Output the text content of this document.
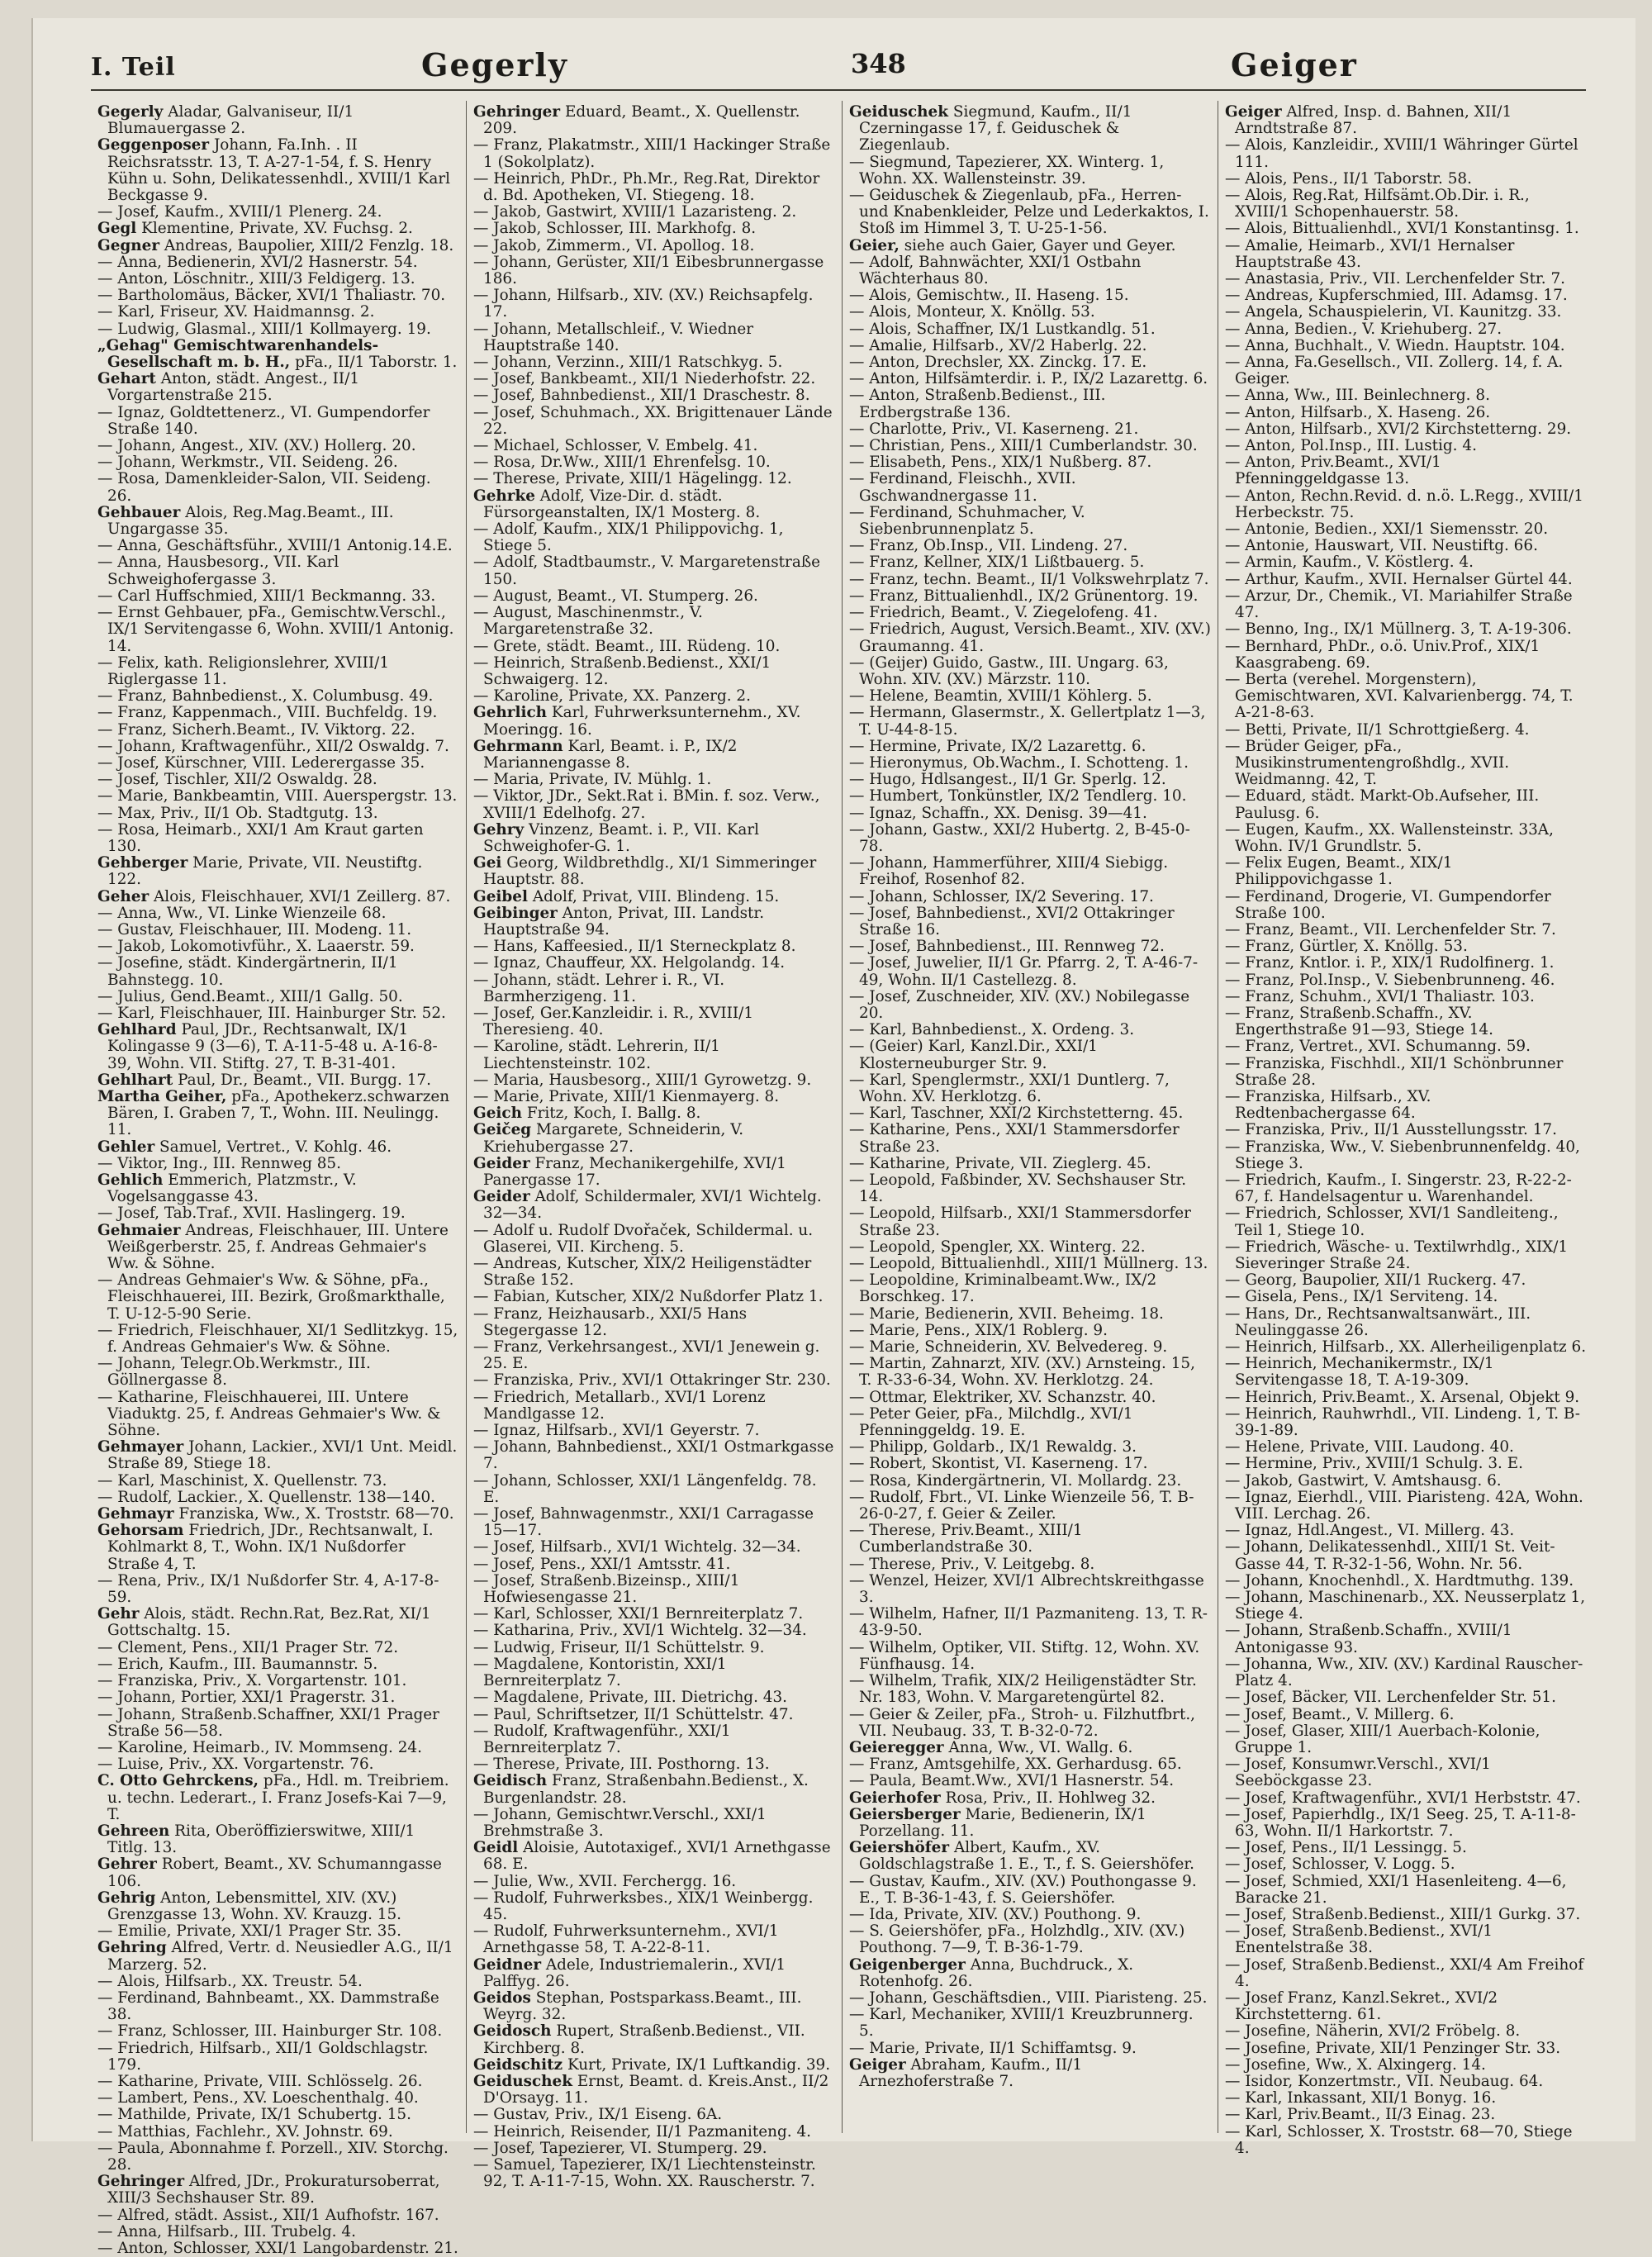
I. Teil	Gegerly	348	Geiger

Gegerly Aladar, Galvaniseur, II/1 Blumauergasse 2.

Geggenposer Johann, Fa.Inh. . II Reichsratsstr. 13, T. A-27-1-54, f. S. Henry Kühn u. Sohn, Delikatessenhdl., XVIII/1 Karl Beckgasse 9.

— Josef, Kaufm., XVIII/1 Plenerg. 24.

Gegl Klementine, Private, XV. Fuchsg. 2.

Gegner Andreas, Baupolier, XIII/2 Fenzlg. 18.

— Anna, Bedienerin, XVI/2 Hasnerstr. 54.

— Anton, Löschnitr., XIII/3 Feldigerg. 13.

— Bartholomäus, Bäcker, XVI/1 Thaliastr. 70.

— Karl, Friseur, XV. Haidmannsg. 2.

— Ludwig, Glasmal., XIII/1 Kollmayerg. 19.

„Gehag" Gemischtwarenhandels-Gesellschaft m. b. H., pFa., II/1 Taborstr. 1.

Gehart Anton, städt. Angest., II/1 Vorgartenstraße 215.

— Ignaz, Goldtettenerz., VI. Gumpendorfer Straße 140.

— Johann, Angest., XIV. (XV.) Hollerg. 20.

— Johann, Werkmstr., VII. Seideng. 26.

— Rosa, Damenkleider-Salon, VII. Seideng. 26.

Gehbauer Alois, Reg.Mag.Beamt., III. Ungargasse 35.

— Anna, Geschäftsführ., XVIII/1 Antonig.14.E.

— Anna, Hausbesorg., VII. Karl Schweighofergasse 3.

— Carl Huffschmied, XIII/1 Beckmanng. 33.

— Ernst Gehbauer, pFa., Gemischtw.Verschl., IX/1 Servitengasse 6, Wohn. XVIII/1 Antonig. 14.

— Felix, kath. Religionslehrer, XVIII/1 Riglergasse 11.

— Franz, Bahnbedienst., X. Columbusg. 49.

— Franz, Kappenmach., VIII. Buchfeldg. 19.

— Franz, Sicherh.Beamt., IV. Viktorg. 22.

— Johann, Kraftwagenführ., XII/2 Oswaldg. 7.

— Josef, Kürschner, VIII. Lederergasse 35.

— Josef, Tischler, XII/2 Oswaldg. 28.

— Marie, Bankbeamtin, VIII. Auerspergstr. 13.

— Max, Priv., II/1 Ob. Stadtgutg. 13.

— Rosa, Heimarb., XXI/1 Am Kraut garten 130.

Gehberger Marie, Private, VII. Neustiftg. 122.

Geher Alois, Fleischhauer, XVI/1 Zeillerg. 87.

— Anna, Ww., VI. Linke Wienzeile 68.

— Gustav, Fleischhauer, III. Modeng. 11.

— Jakob, Lokomotivführ., X. Laaerstr. 59.

— Josefine, städt. Kindergärtnerin, II/1 Bahnstegg. 10.

— Julius, Gend.Beamt., XIII/1 Gallg. 50.

— Karl, Fleischhauer, III. Hainburger Str. 52.

Gehlhard Paul, JDr., Rechtsanwalt, IX/1 Kolingasse 9 (3—6), T. A-11-5-48 u. A-16-8-39, Wohn. VII. Stiftg. 27, T. B-31-401.

Gehlhart Paul, Dr., Beamt., VII. Burgg. 17.

Martha Geiher, pFa., Apothekerz.schwarzen Bären, I. Graben 7, T., Wohn. III. Neulingg. 11.

Gehler Samuel, Vertret., V. Kohlg. 46.

— Viktor, Ing., III. Rennweg 85.

Gehlich Emmerich, Platzmstr., V. Vogelsanggasse 43.

— Josef, Tab.Traf., XVII. Haslingerg. 19.

Gehmaier Andreas, Fleischhauer, III. Untere Weißgerberstr. 25, f. Andreas Gehmaier's Ww. & Söhne.

— Andreas Gehmaier's Ww. & Söhne, pFa., Fleischhauerei, III. Bezirk, Großmarkthalle, T. U-12-5-90 Serie.

— Friedrich, Fleischhauer, XI/1 Sedlitzkyg. 15, f. Andreas Gehmaier's Ww. & Söhne.

— Johann, Telegr.Ob.Werkmstr., III. Göllnergasse 8.

— Katharine, Fleischhauerei, III. Untere Viaduktg. 25, f. Andreas Gehmaier's Ww. & Söhne.

Gehmayer Johann, Lackier., XVI/1 Unt. Meidl. Straße 89, Stiege 18.

— Karl, Maschinist, X. Quellenstr. 73.

— Rudolf, Lackier., X. Quellenstr. 138—140.

Gehmayr Franziska, Ww., X. Troststr. 68—70.

Gehorsam Friedrich, JDr., Rechtsanwalt, I. Kohlmarkt 8, T., Wohn. IX/1 Nußdorfer Straße 4, T.

— Rena, Priv., IX/1 Nußdorfer Str. 4, A-17-8-59.

Gehr Alois, städt. Rechn.Rat, Bez.Rat, XI/1 Gottschaltg. 15.

— Clement, Pens., XII/1 Prager Str. 72.

— Erich, Kaufm., III. Baumannstr. 5.

— Franziska, Priv., X. Vorgartenstr. 101.

— Johann, Portier, XXI/1 Pragerstr. 31.

— Johann, Straßenb.Schaffner, XXI/1 Prager Straße 56—58.

— Karoline, Heimarb., IV. Mommseng. 24.

— Luise, Priv., XX. Vorgartenstr. 76.

C. Otto Gehrckens, pFa., Hdl. m. Treibriem. u. techn. Lederart., I. Franz Josefs-Kai 7—9, T.

Gehreen Rita, Oberöffizierswitwe, XIII/1 Titlg. 13.

Gehrer Robert, Beamt., XV. Schumanngasse 106.

Gehrig Anton, Lebensmittel, XIV. (XV.) Grenzgasse 13, Wohn. XV. Krauzg. 15.

— Emilie, Private, XXI/1 Prager Str. 35.

Gehring Alfred, Vertr. d. Neusiedler A.G., II/1 Marzerg. 52.

— Alois, Hilfsarb., XX. Treustr. 54.

— Ferdinand, Bahnbeamt., XX. Dammstraße 38.

— Franz, Schlosser, III. Hainburger Str. 108.

— Friedrich, Hilfsarb., XII/1 Goldschlagstr. 179.

— Katharine, Private, VIII. Schlösselg. 26.

— Lambert, Pens., XV. Loeschenthalg. 40.

— Mathilde, Private, IX/1 Schubertg. 15.

— Matthias, Fachlehr., XV. Johnstr. 69.

— Paula, Abonnahme f. Porzell., XIV. Storchg. 28.

Gehringer Alfred, JDr., Prokuratursoberrat, XIII/3 Sechshauser Str. 89.

— Alfred, städt. Assist., XII/1 Aufhofstr. 167.

— Anna, Hilfsarb., III. Trubelg. 4.

— Anton, Schlosser, XXI/1 Langobardenstr. 21.

Gehringer Eduard, Beamt., X. Quellenstr. 209.

— Franz, Plakatmstr., XIII/1 Hackinger Straße 1 (Sokolplatz).

— Heinrich, PhDr., Ph.Mr., Reg.Rat, Direktor d. Bd. Apotheken, VI. Stiegeng. 18.

— Jakob, Gastwirt, XVIII/1 Lazaristeng. 2.

— Jakob, Schlosser, III. Markhofg. 8.

— Jakob, Zimmerm., VI. Apollog. 18.

— Johann, Gerüster, XII/1 Eibesbrunnergasse 186.

— Johann, Hilfsarb., XIV. (XV.) Reichsapfelg. 17.

— Johann, Metallschleif., V. Wiedner Hauptstraße 140.

— Johann, Verzinn., XIII/1 Ratschkyg. 5.

— Josef, Bankbeamt., XII/1 Niederhofstr. 22.

— Josef, Bahnbedienst., XII/1 Draschestr. 8.

— Josef, Schuhmach., XX. Brigittenauer Lände 22.

— Michael, Schlosser, V. Embelg. 41.

— Rosa, Dr.Ww., XIII/1 Ehrenfelsg. 10.

— Therese, Private, XIII/1 Hägelingg. 12.

Gehrke Adolf, Vize-Dir. d. städt. Fürsorgeanstalten, IX/1 Mosterg. 8.

— Adolf, Kaufm., XIX/1 Philippovichg. 1, Stiege 5.

— Adolf, Stadtbaumstr., V. Margaretenstraße 150.

— August, Beamt., VI. Stumperg. 26.

— August, Maschinenmstr., V. Margaretenstraße 32.

— Grete, städt. Beamt., III. Rüdeng. 10.

— Heinrich, Straßenb.Bedienst., XXI/1 Schwaigerg. 12.

— Karoline, Private, XX. Panzerg. 2.

Gehrlich Karl, Fuhrwerksunternehm., XV. Moeringg. 16.

Gehrmann Karl, Beamt. i. P., IX/2 Mariannengasse 8.

— Maria, Private, IV. Mühlg. 1.

— Viktor, JDr., Sekt.Rat i. BMin. f. soz. Verw., XVIII/1 Edelhofg. 27.

Gehry Vinzenz, Beamt. i. P., VII. Karl Schweighofer-G. 1.

Gei Georg, Wildbrethdlg., XI/1 Simmeringer Hauptstr. 88.

Geibel Adolf, Privat, VIII. Blindeng. 15.

Geibinger Anton, Privat, III. Landstr. Hauptstraße 94.

— Hans, Kaffeesied., II/1 Sterneckplatz 8.

— Ignaz, Chauffeur, XX. Helgolandg. 14.

— Johann, städt. Lehrer i. R., VI. Barmherzigeng. 11.

— Josef, Ger.Kanzleidir. i. R., XVIII/1 Theresieng. 40.

— Karoline, städt. Lehrerin, II/1 Liechtensteinstr. 102.

— Maria, Hausbesorg., XIII/1 Gyrowetzg. 9.

— Marie, Private, XIII/1 Kienmayerg. 8.

Geich Fritz, Koch, I. Ballg. 8.

Geičeg Margarete, Schneiderin, V. Kriehubergasse 27.

Geider Franz, Mechanikergehilfe, XVI/1 Panergasse 17.

Geider Adolf, Schildermaler, XVI/1 Wichtelg. 32—34.

— Adolf u. Rudolf Dvořaček, Schildermal. u. Glaserei, VII. Kircheng. 5.

— Andreas, Kutscher, XIX/2 Heiligenstädter Straße 152.

— Fabian, Kutscher, XIX/2 Nußdorfer Platz 1.

— Franz, Heizhausarb., XXI/5 Hans Stegergasse 12.

— Franz, Verkehrsangest., XVI/1 Jenewein g. 25. E.

— Franziska, Priv., XVI/1 Ottakringer Str. 230.

— Friedrich, Metallarb., XVI/1 Lorenz Mandlgasse 12.

— Ignaz, Hilfsarb., XVI/1 Geyerstr. 7.

— Johann, Bahnbedienst., XXI/1 Ostmarkgasse 7.

— Johann, Schlosser, XXI/1 Längenfeldg. 78. E.

— Josef, Bahnwagenmstr., XXI/1 Carragasse 15—17.

— Josef, Hilfsarb., XVI/1 Wichtelg. 32—34.

— Josef, Pens., XXI/1 Amtsstr. 41.

— Josef, Straßenb.Bizeinsp., XIII/1 Hofwiesengasse 21.

— Karl, Schlosser, XXI/1 Bernreiterplatz 7.

— Katharina, Priv., XVI/1 Wichtelg. 32—34.

— Ludwig, Friseur, II/1 Schüttelstr. 9.

— Magdalene, Kontoristin, XXI/1 Bernreiterplatz 7.

— Magdalene, Private, III. Dietrichg. 43.

— Paul, Schriftsetzer, II/1 Schüttelstr. 47.

— Rudolf, Kraftwagenführ., XXI/1 Bernreiterplatz 7.

— Therese, Private, III. Posthorng. 13.

Geidisch Franz, Straßenbahn.Bedienst., X. Burgenlandstr. 28.

— Johann, Gemischtwr.Verschl., XXI/1 Brehmstraße 3.

Geidl Aloisie, Autotaxigef., XVI/1 Arnethgasse 68. E.

— Julie, Ww., XVII. Ferchergg. 16.

— Rudolf, Fuhrwerksbes., XIX/1 Weinbergg. 45.

— Rudolf, Fuhrwerksunternehm., XVI/1 Arnethgasse 58, T. A-22-8-11.

Geidner Adele, Industriemalerin., XVI/1 Palffyg. 26.

Geidos Stephan, Postsparkass.Beamt., III. Weyrg. 32.

Geidosch Rupert, Straßenb.Bedienst., VII. Kirchberg. 8.

Geidschitz Kurt, Private, IX/1 Luftkandig. 39.

Geiduschek Ernst, Beamt. d. Kreis.Anst., II/2 D'Orsayg. 11.

— Gustav, Priv., IX/1 Eiseng. 6A.

— Heinrich, Reisender, II/1 Pazmaniteng. 4.

— Josef, Tapezierer, VI. Stumperg. 29.

— Samuel, Tapezierer, IX/1 Liechtensteinstr. 92, T. A-11-7-15, Wohn. XX. Rauscherstr. 7.

Geiduschek Siegmund, Kaufm., II/1 Czerningasse 17, f. Geiduschek & Ziegenlaub.

— Siegmund, Tapezierer, XX. Winterg. 1, Wohn. XX. Wallensteinstr. 39.

— Geiduschek & Ziegenlaub, pFa., Herren- und Knabenkleider, Pelze und Lederkaktos, I. Stoß im Himmel 3, T. U-25-1-56.

Geier, siehe auch Gaier, Gayer und Geyer.

— Adolf, Bahnwächter, XXI/1 Ostbahn Wächterhaus 80.

— Alois, Gemischtw., II. Haseng. 15.

— Alois, Monteur, X. Knöllg. 53.

— Alois, Schaffner, IX/1 Lustkandlg. 51.

— Amalie, Hilfsarb., XV/2 Haberlg. 22.

— Anton, Drechsler, XX. Zinckg. 17. E.

— Anton, Hilfsämterdir. i. P., IX/2 Lazarettg. 6.

— Anton, Straßenb.Bedienst., III. Erdbergstraße 136.

— Charlotte, Priv., VI. Kaserneng. 21.

— Christian, Pens., XIII/1 Cumberlandstr. 30.

— Elisabeth, Pens., XIX/1 Nußberg. 87.

— Ferdinand, Fleischh., XVII. Gschwandnergasse 11.

— Ferdinand, Schuhmacher, V. Siebenbrunnenplatz 5.

— Franz, Ob.Insp., VII. Lindeng. 27.

— Franz, Kellner, XIX/1 Lißtbauerg. 5.

— Franz, techn. Beamt., II/1 Volkswehrplatz 7.

— Franz, Bittualienhdl., IX/2 Grünentorg. 19.

— Friedrich, Beamt., V. Ziegelofeng. 41.

— Friedrich, August, Versich.Beamt., XIV. (XV.) Graumanng. 41.

— (Geijer) Guido, Gastw., III. Ungarg. 63, Wohn. XIV. (XV.) Märzstr. 110.

— Helene, Beamtin, XVIII/1 Köhlerg. 5.

— Hermann, Glasermstr., X. Gellertplatz 1—3, T. U-44-8-15.

— Hermine, Private, IX/2 Lazarettg. 6.

— Hieronymus, Ob.Wachm., I. Schotteng. 1.

— Hugo, Hdlsangest., II/1 Gr. Sperlg. 12.

— Humbert, Tonkünstler, IX/2 Tendlerg. 10.

— Ignaz, Schaffn., XX. Denisg. 39—41.

— Johann, Gastw., XXI/2 Hubertg. 2, B-45-0-78.

— Johann, Hammerführer, XIII/4 Siebigg. Freihof, Rosenhof 82.

— Johann, Schlosser, IX/2 Severing. 17.

— Josef, Bahnbedienst., XVI/2 Ottakringer Straße 16.

— Josef, Bahnbedienst., III. Rennweg 72.

— Josef, Juwelier, II/1 Gr. Pfarrg. 2, T. A-46-7-49, Wohn. II/1 Castellezg. 8.

— Josef, Zuschneider, XIV. (XV.) Nobilegasse 20.

— Karl, Bahnbedienst., X. Ordeng. 3.

— (Geier) Karl, Kanzl.Dir., XXI/1 Klosterneuburger Str. 9.

— Karl, Spenglermstr., XXI/1 Duntlerg. 7, Wohn. XV. Herklotzg. 6.

— Karl, Taschner, XXI/2 Kirchstetterng. 45.

— Katharine, Pens., XXI/1 Stammersdorfer Straße 23.

— Katharine, Private, VII. Zieglerg. 45.

— Leopold, Faßbinder, XV. Sechshauser Str. 14.

— Leopold, Hilfsarb., XXI/1 Stammersdorfer Straße 23.

— Leopold, Spengler, XX. Winterg. 22.

— Leopold, Bittualienhdl., XIII/1 Müllnerg. 13.

— Leopoldine, Kriminalbeamt.Ww., IX/2 Borschkeg. 17.

— Marie, Bedienerin, XVII. Beheimg. 18.

— Marie, Pens., XIX/1 Roblerg. 9.

— Marie, Schneiderin, XV. Belvedereg. 9.

— Martin, Zahnarzt, XIV. (XV.) Arnsteing. 15, T. R-33-6-34, Wohn. XV. Herklotzg. 24.

— Ottmar, Elektriker, XV. Schanzstr. 40.

— Peter Geier, pFa., Milchdlg., XVI/1 Pfenninggeldg. 19. E.

— Philipp, Goldarb., IX/1 Rewaldg. 3.

— Robert, Skontist, VI. Kaserneng. 17.

— Rosa, Kindergärtnerin, VI. Mollardg. 23.

— Rudolf, Fbrt., VI. Linke Wienzeile 56, T. B-26-0-27, f. Geier & Zeiler.

— Therese, Priv.Beamt., XIII/1 Cumberlandstraße 30.

— Therese, Priv., V. Leitgebg. 8.

— Wenzel, Heizer, XVI/1 Albrechtskreithgasse 3.

— Wilhelm, Hafner, II/1 Pazmaniteng. 13, T. R-43-9-50.

— Wilhelm, Optiker, VII. Stiftg. 12, Wohn. XV. Fünfhausg. 14.

— Wilhelm, Trafik, XIX/2 Heiligenstädter Str. Nr. 183, Wohn. V. Margaretengürtel 82.

— Geier & Zeiler, pFa., Stroh- u. Filzhutfbrt., VII. Neubaug. 33, T. B-32-0-72.

Geieregger Anna, Ww., VI. Wallg. 6.

— Franz, Amtsgehilfe, XX. Gerhardusg. 65.

— Paula, Beamt.Ww., XVI/1 Hasnerstr. 54.

Geierhofer Rosa, Priv., II. Hohlweg 32.

Geiersberger Marie, Bedienerin, IX/1 Porzellang. 11.

Geiershöfer Albert, Kaufm., XV. Goldschlagstraße 1. E., T., f. S. Geiershöfer.

— Gustav, Kaufm., XIV. (XV.) Pouthongasse 9. E., T. B-36-1-43, f. S. Geiershöfer.

— Ida, Private, XIV. (XV.) Pouthong. 9.

— S. Geiershöfer, pFa., Holzhdlg., XIV. (XV.) Pouthong. 7—9, T. B-36-1-79.

Geigenberger Anna, Buchdruck., X. Rotenhofg. 26.

— Johann, Geschäftsdien., VIII. Piaristeng. 25.

— Karl, Mechaniker, XVIII/1 Kreuzbrunnerg. 5.

— Marie, Private, II/1 Schiffamtsg. 9.

Geiger Abraham, Kaufm., II/1 Arnezhoferstraße 7.

Geiger Alfred, Insp. d. Bahnen, XII/1 Arndtstraße 87.

— Alois, Kanzleidir., XVIII/1 Währinger Gürtel 111.

— Alois, Pens., II/1 Taborstr. 58.

— Alois, Reg.Rat, Hilfsämt.Ob.Dir. i. R., XVIII/1 Schopenhauerstr. 58.

— Alois, Bittualienhdl., XVI/1 Konstantinsg. 1.

— Amalie, Heimarb., XVI/1 Hernalser Hauptstraße 43.

— Anastasia, Priv., VII. Lerchenfelder Str. 7.

— Andreas, Kupferschmied, III. Adamsg. 17.

— Angela, Schauspielerin, VI. Kaunitzg. 33.

— Anna, Bedien., V. Kriehuberg. 27.

— Anna, Buchhalt., V. Wiedn. Hauptstr. 104.

— Anna, Fa.Gesellsch., VII. Zollerg. 14, f. A. Geiger.

— Anna, Ww., III. Beinlechnerg. 8.

— Anton, Hilfsarb., X. Haseng. 26.

— Anton, Hilfsarb., XVI/2 Kirchstetterng. 29.

— Anton, Pol.Insp., III. Lustig. 4.

— Anton, Priv.Beamt., XVI/1 Pfenninggeldgasse 13.

— Anton, Rechn.Revid. d. n.ö. L.Regg., XVIII/1 Herbeckstr. 75.

— Antonie, Bedien., XXI/1 Siemensstr. 20.

— Antonie, Hauswart, VII. Neustiftg. 66.

— Armin, Kaufm., V. Köstlerg. 4.

— Arthur, Kaufm., XVII. Hernalser Gürtel 44.

— Arzur, Dr., Chemik., VI. Mariahilfer Straße 47.

— Benno, Ing., IX/1 Müllnerg. 3, T. A-19-306.

— Bernhard, PhDr., o.ö. Univ.Prof., XIX/1 Kaasgrabeng. 69.

— Berta (verehel. Morgenstern), Gemischtwaren, XVI. Kalvarienbergg. 74, T. A-21-8-63.

— Betti, Private, II/1 Schrottgießerg. 4.

— Brüder Geiger, pFa., Musikinstrumentengroßhdlg., XVII. Weidmanng. 42, T.

— Eduard, städt. Markt-Ob.Aufseher, III. Paulusg. 6.

— Eugen, Kaufm., XX. Wallensteinstr. 33A, Wohn. IV/1 Grundlstr. 5.

— Felix Eugen, Beamt., XIX/1 Philippovichgasse 1.

— Ferdinand, Drogerie, VI. Gumpendorfer Straße 100.

— Franz, Beamt., VII. Lerchenfelder Str. 7.

— Franz, Gürtler, X. Knöllg. 53.

— Franz, Kntlor. i. P., XIX/1 Rudolfinerg. 1.

— Franz, Pol.Insp., V. Siebenbrunneng. 46.

— Franz, Schuhm., XVI/1 Thaliastr. 103.

— Franz, Straßenb.Schaffn., XV. Engerthstraße 91—93, Stiege 14.

— Franz, Vertret., XVI. Schumanng. 59.

— Franziska, Fischhdl., XII/1 Schönbrunner Straße 28.

— Franziska, Hilfsarb., XV. Redtenbachergasse 64.

— Franziska, Priv., II/1 Ausstellungsstr. 17.

— Franziska, Ww., V. Siebenbrunnenfeldg. 40, Stiege 3.

— Friedrich, Kaufm., I. Singerstr. 23, R-22-2-67, f. Handelsagentur u. Warenhandel.

— Friedrich, Schlosser, XVI/1 Sandleiteng., Teil 1, Stiege 10.

— Friedrich, Wäsche- u. Textilwrhdlg., XIX/1 Sieveringer Straße 24.

— Georg, Baupolier, XII/1 Ruckerg. 47.

— Gisela, Pens., IX/1 Serviteng. 14.

— Hans, Dr., Rechtsanwaltsanwärt., III. Neulinggasse 26.

— Heinrich, Hilfsarb., XX. Allerheiligenplatz 6.

— Heinrich, Mechanikermstr., IX/1 Servitengasse 18, T. A-19-309.

— Heinrich, Priv.Beamt., X. Arsenal, Objekt 9.

— Heinrich, Rauhwrhdl., VII. Lindeng. 1, T. B-39-1-89.

— Helene, Private, VIII. Laudong. 40.

— Hermine, Priv., XVIII/1 Schulg. 3. E.

— Jakob, Gastwirt, V. Amtshausg. 6.

— Ignaz, Eierhdl., VIII. Piaristeng. 42A, Wohn. VIII. Lerchag. 26.

— Ignaz, Hdl.Angest., VI. Millerg. 43.

— Johann, Delikatessenhdl., XIII/1 St. Veit-Gasse 44, T. R-32-1-56, Wohn. Nr. 56.

— Johann, Knochenhdl., X. Hardtmuthg. 139.

— Johann, Maschinenarb., XX. Neusserplatz 1, Stiege 4.

— Johann, Straßenb.Schaffn., XVIII/1 Antonigasse 93.

— Johanna, Ww., XIV. (XV.) Kardinal Rauscher-Platz 4.

— Josef, Bäcker, VII. Lerchenfelder Str. 51.

— Josef, Beamt., V. Millerg. 6.

— Josef, Glaser, XIII/1 Auerbach-Kolonie, Gruppe 1.

— Josef, Konsumwr.Verschl., XVI/1 Seeböckgasse 23.

— Josef, Kraftwagenführ., XVI/1 Herbststr. 47.

— Josef, Papierhdlg., IX/1 Seeg. 25, T. A-11-8-63, Wohn. II/1 Harkortstr. 7.

— Josef, Pens., II/1 Lessingg. 5.

— Josef, Schlosser, V. Logg. 5.

— Josef, Schmied, XXI/1 Hasenleiteng. 4—6, Baracke 21.

— Josef, Straßenb.Bedienst., XIII/1 Gurkg. 37.

— Josef, Straßenb.Bedienst., XVI/1 Enentelstraße 38.

— Josef, Straßenb.Bedienst., XXI/4 Am Freihof 4.

— Josef Franz, Kanzl.Sekret., XVI/2 Kirchstetterng. 61.

— Josefine, Näherin, XVI/2 Fröbelg. 8.

— Josefine, Private, XII/1 Penzinger Str. 33.

— Josefine, Ww., X. Alxingerg. 14.

— Isidor, Konzertmstr., VII. Neubaug. 64.

— Karl, Inkassant, XII/1 Bonyg. 16.

— Karl, Priv.Beamt., II/3 Einag. 23.

— Karl, Schlosser, X. Troststr. 68—70, Stiege 4.
